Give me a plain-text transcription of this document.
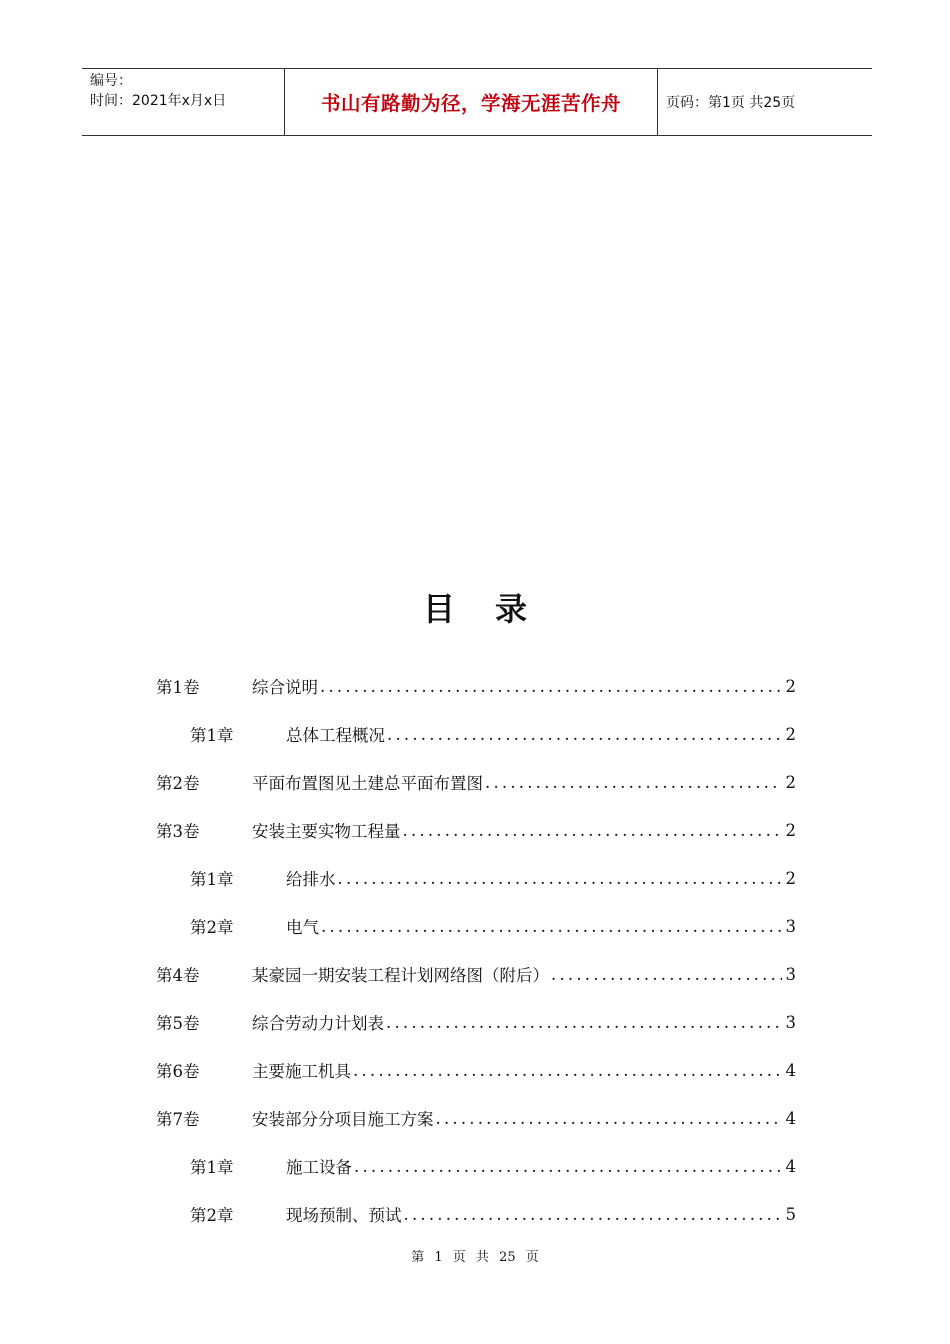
编号：
时间：2021年x月x日	书山有路勤为径，学海无涯苦作舟	页码：第1页 共25页
目 录
第1卷	综合说明 .....	2
第1章	总体工程概况 .....	2
第2卷	平面布置图见土建总平面布置图 .....	2
第3卷	安装主要实物工程量 .....	2
第1章	给排水 .....	2
第2章	电气 .....	3
第4卷	某豪园一期安装工程计划网络图（附后） .....	3
第5卷	综合劳动力计划表 .....	3
第6卷	主要施工机具 .....	4
第7卷	安装部分分项目施工方案 .....	4
第1章	施工设备 .....	4
第2章	现场预制、预试 .....	5
第 1 页 共 25 页
